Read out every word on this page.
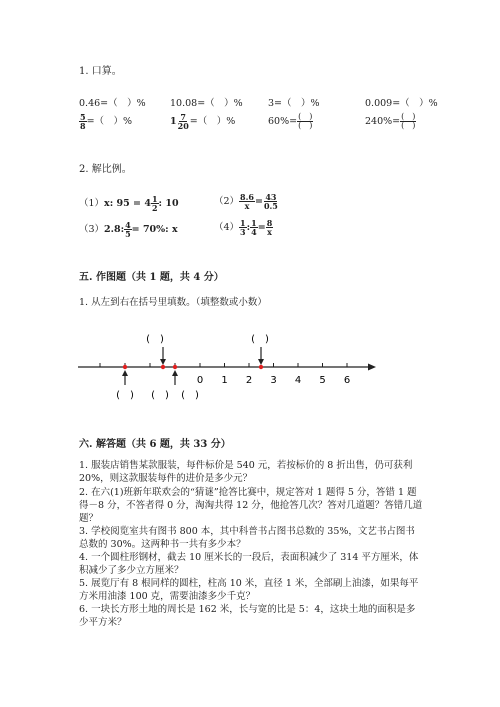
1. 口算。
0.46=（　）%	10.08=（　）%	3=（　）%	0.009=（　）%
$\frac{5}{8}$ =（　）%	$1 \frac{7}{20}$ =（　）%	$60\%= \frac{( )}{( )}$	$240\%= \frac{( )}{( )}$
2. 解比例。
（1）x: $95 = 4 \frac{1}{2}$ : 10	$(2) \frac{8.6}{x} = \frac{43}{0.5}$
（3）2.8: $\frac{4}{5} = 70\%$: x	$(4) \frac{1}{3}$ : $\frac{1}{4} = \frac{8}{x}$
五. 作图题（共 1 题，共 4 分）
1. 从左到右在括号里填数。（填整数或小数）
0 1 2 3 4 5 6
(　)	(　)
(　) (　) (　)
六. 解答题（共 6 题，共 33 分）
1. 服装店销售某款服装，每件标价是 540 元，若按标价的 8 折出售，仍可获利 20%，则这款服装每件的进价是多少元？
2. 在六(1)班新年联欢会的“猜谜”抢答比赛中，规定答对 1 题得 5 分，答错 1 题得－8 分，不答者得 0 分，淘淘共得 12 分，他抢答几次？答对几道题？答错几道题？
3. 学校阅览室共有图书 800 本，其中科普书占图书总数的 35%，文艺书占图书总数的 30%。这两种书一共有多少本？
4. 一个圆柱形钢材，截去 10 厘米长的一段后，表面积减少了 314 平方厘米，体积减少了多少立方厘米？
5. 展览厅有 8 根同样的圆柱，柱高 10 米，直径 1 米，全部刷上油漆，如果每平方米用油漆 100 克，需要油漆多少千克？
6. 一块长方形土地的周长是 162 米，长与宽的比是 5：4，这块土地的面积是多少平方米？
